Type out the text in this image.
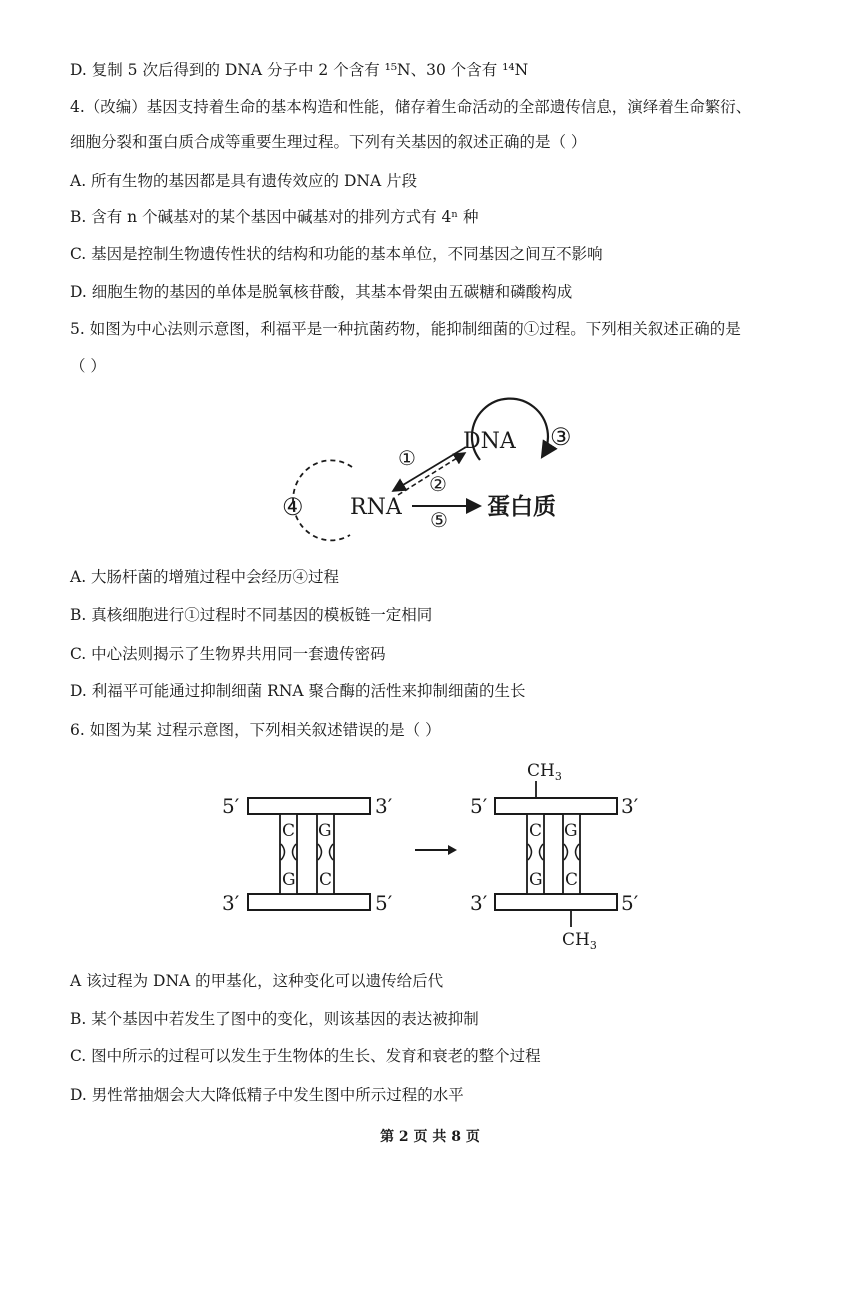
D. 复制 5 次后得到的 DNA 分子中 2 个含有 ¹⁵N、30 个含有 ¹⁴N
4.（改编）基因支持着生命的基本构造和性能，储存着生命活动的全部遗传信息，演绎着生命繁衍、
细胞分裂和蛋白质合成等重要生理过程。下列有关基因的叙述正确的是（ ）
A. 所有生物的基因都是具有遗传效应的 DNA 片段
B. 含有 n 个碱基对的某个基因中碱基对的排列方式有 4ⁿ 种
C. 基因是控制生物遗传性状的结构和功能的基本单位，不同基因之间互不影响
D. 细胞生物的基因的单体是脱氧核苷酸，其基本骨架由五碳糖和磷酸构成
5. 如图为中心法则示意图，利福平是一种抗菌药物，能抑制细菌的①过程。下列相关叙述正确的是
（ ）
DNA
RNA	蛋白质
①
②
③
④	⑤
A. 大肠杆菌的增殖过程中会经历④过程
B. 真核细胞进行①过程时不同基因的模板链一定相同
C. 中心法则揭示了生物界共用同一套遗传密码
D. 利福平可能通过抑制细菌 RNA 聚合酶的活性来抑制细菌的生长
6. 如图为某 过程示意图，下列相关叙述错误的是（ ）
5′	3′
3′	5′
C G
G C
$CH_3$
$CH_3$
5′	3′
3′	5′
C G
G C
A 该过程为 DNA 的甲基化，这种变化可以遗传给后代
B. 某个基因中若发生了图中的变化，则该基因的表达被抑制
C. 图中所示的过程可以发生于生物体的生长、发育和衰老的整个过程
D. 男性常抽烟会大大降低精子中发生图中所示过程的水平
第 2 页 共 8 页
